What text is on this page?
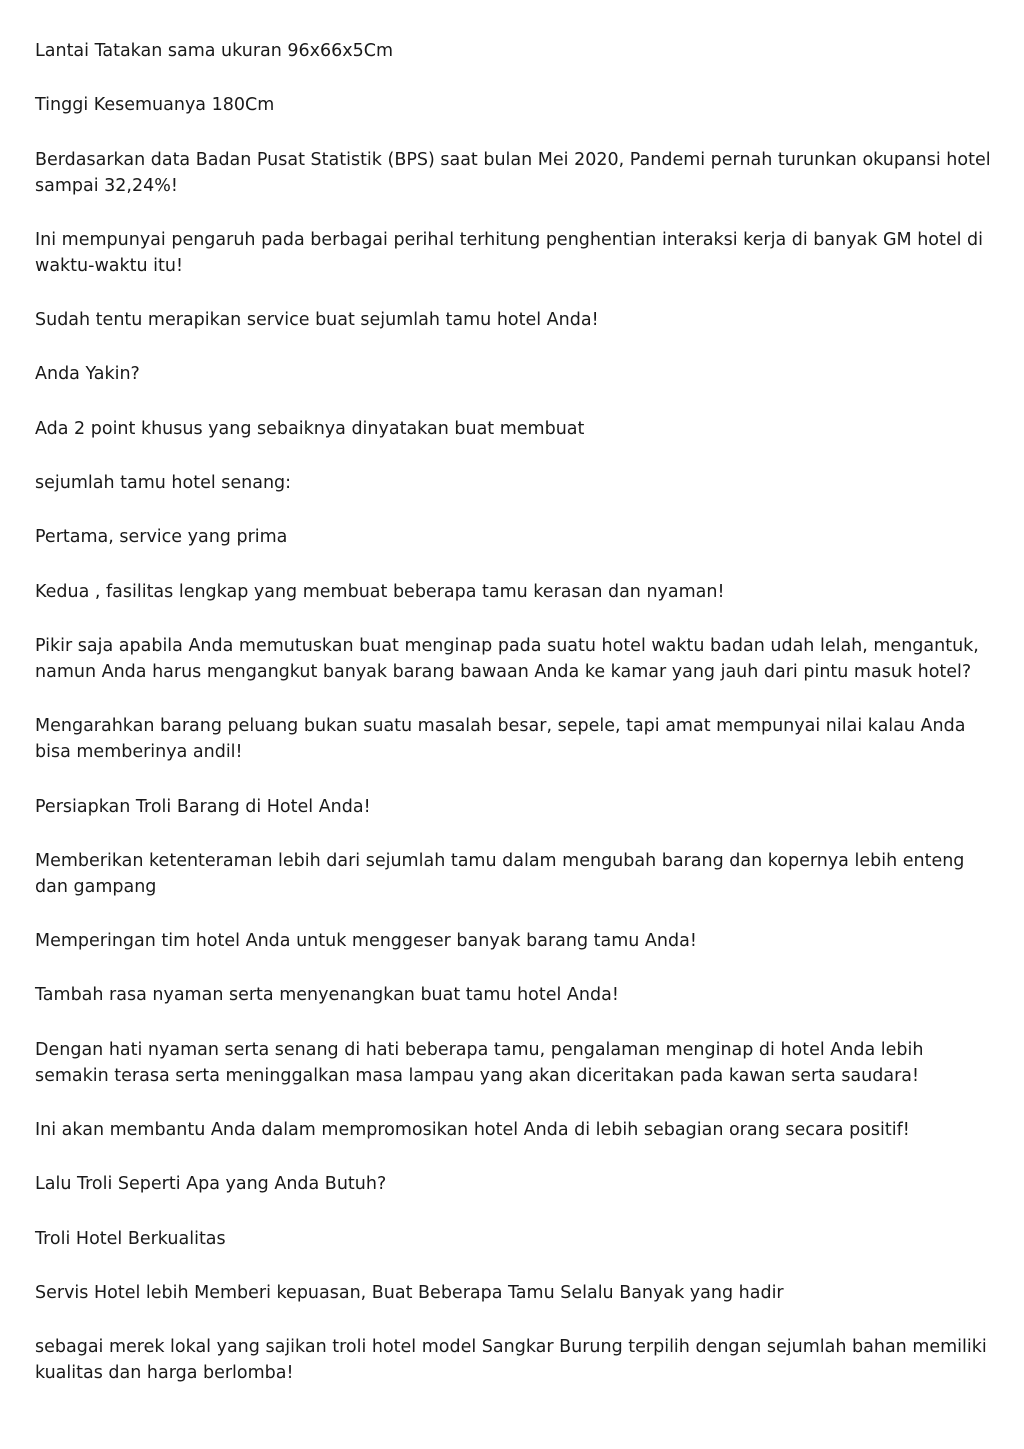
Lantai Tatakan sama ukuran 96x66x5Cm

Tinggi Kesemuanya 180Cm

Berdasarkan data Badan Pusat Statistik (BPS) saat bulan Mei 2020, Pandemi pernah turunkan okupansi hotel sampai 32,24%!

Ini mempunyai pengaruh pada berbagai perihal terhitung penghentian interaksi kerja di banyak GM hotel di waktu-waktu itu!

Sudah tentu merapikan service buat sejumlah tamu hotel Anda!

Anda Yakin?

Ada 2 point khusus yang sebaiknya dinyatakan buat membuat

sejumlah tamu hotel senang:

Pertama, service yang prima

Kedua , fasilitas lengkap yang membuat beberapa tamu kerasan dan nyaman!

Pikir saja apabila Anda memutuskan buat menginap pada suatu hotel waktu badan udah lelah, mengantuk, namun Anda harus mengangkut banyak barang bawaan Anda ke kamar yang jauh dari pintu masuk hotel?

Mengarahkan barang peluang bukan suatu masalah besar, sepele, tapi amat mempunyai nilai kalau Anda bisa memberinya andil!

Persiapkan Troli Barang di Hotel Anda!

Memberikan ketenteraman lebih dari sejumlah tamu dalam mengubah barang dan kopernya lebih enteng dan gampang

Memperingan tim hotel Anda untuk menggeser banyak barang tamu Anda!

Tambah rasa nyaman serta menyenangkan buat tamu hotel Anda!

Dengan hati nyaman serta senang di hati beberapa tamu, pengalaman menginap di hotel Anda lebih semakin terasa serta meninggalkan masa lampau yang akan diceritakan pada kawan serta saudara!

Ini akan membantu Anda dalam mempromosikan hotel Anda di lebih sebagian orang secara positif!

Lalu Troli Seperti Apa yang Anda Butuh?

Troli Hotel Berkualitas

Servis Hotel lebih Memberi kepuasan, Buat Beberapa Tamu Selalu Banyak yang hadir

sebagai merek lokal yang sajikan troli hotel model Sangkar Burung terpilih dengan sejumlah bahan memiliki kualitas dan harga berlomba!
